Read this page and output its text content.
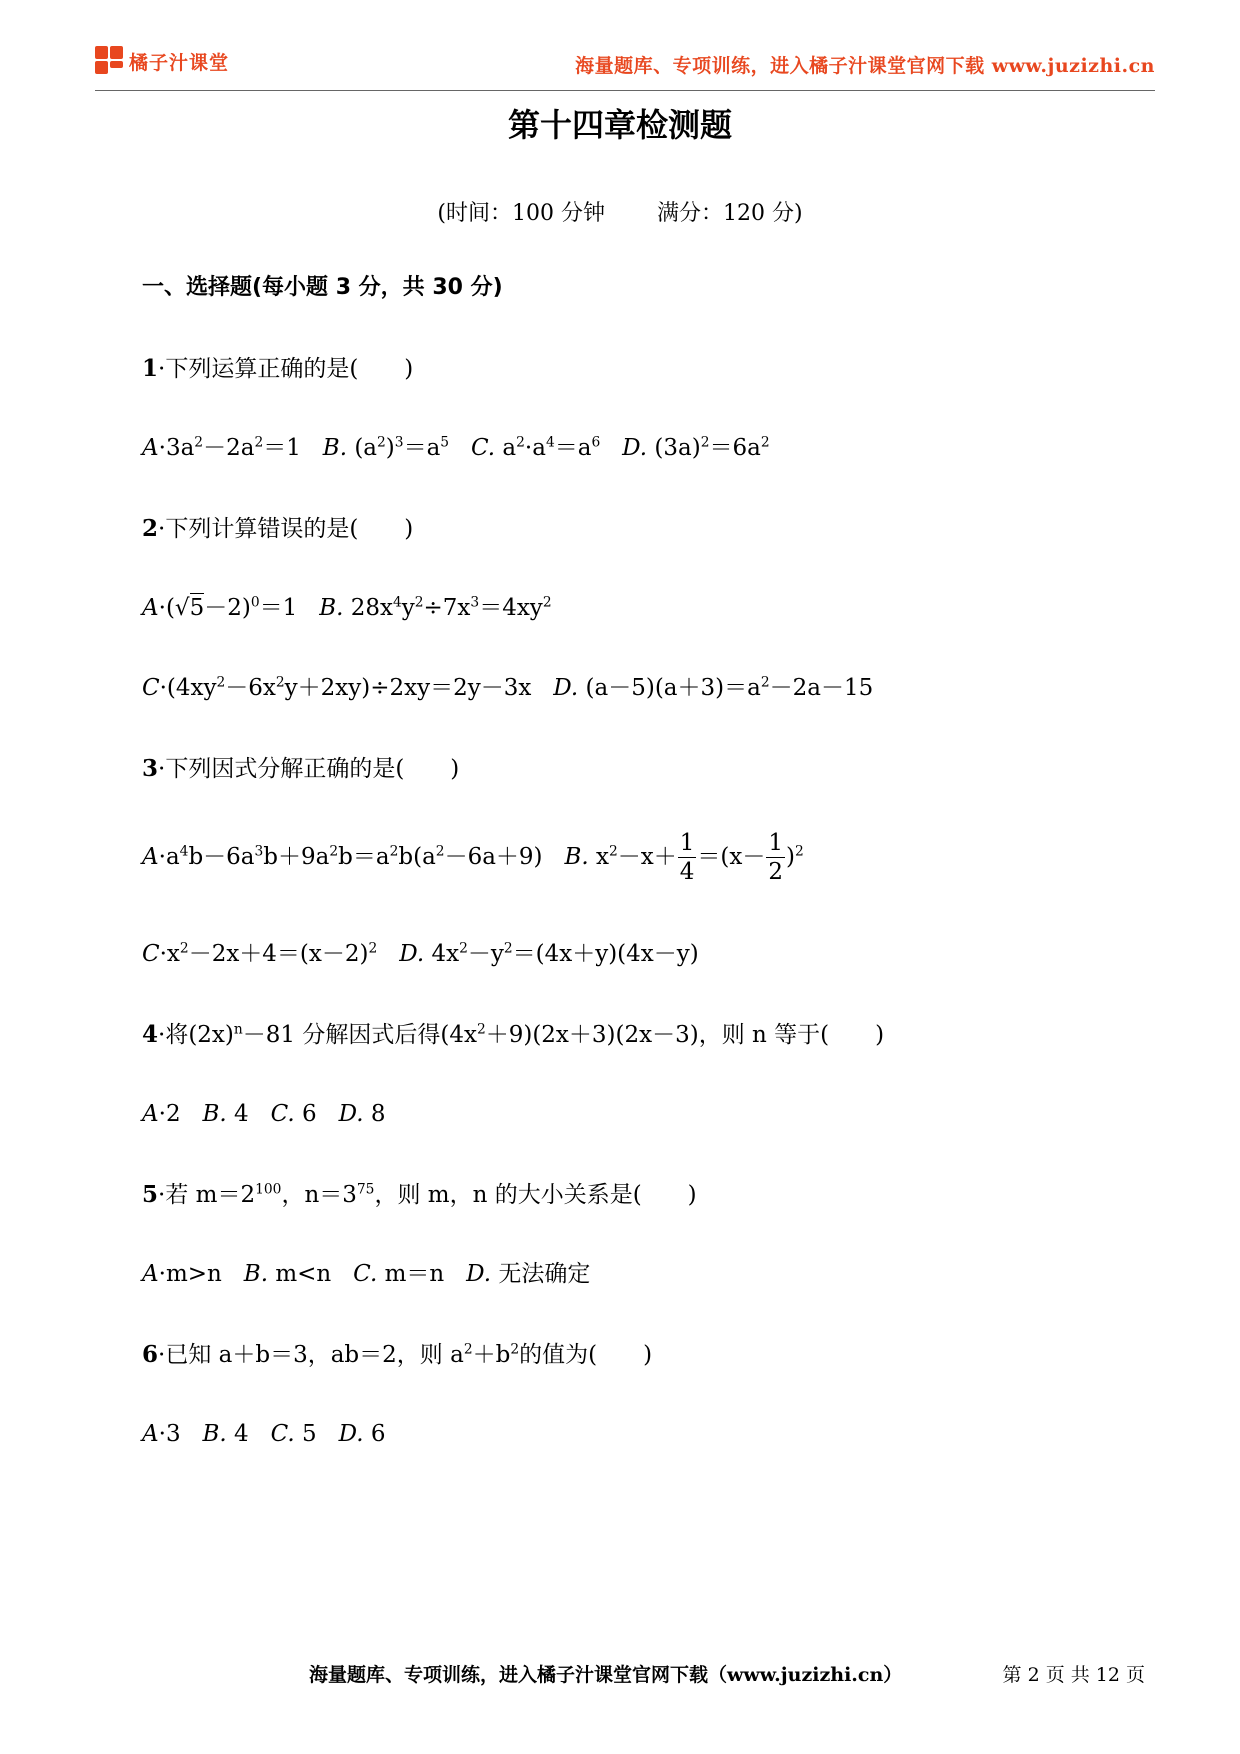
橘子汁课堂	海量题库、专项训练，进入橘子汁课堂官网下载 www.juzizhi.cn
第十四章检测题
(时间：100 分钟 满分：120 分)
一、选择题(每小题 3 分，共 30 分)
1·下列运算正确的是(　　)
$A\cdot 3a^2-2a^2=1$ B. $(a^2)^3=a^5$ C. $a^2\cdot a^4=a^6$ D. $(3a)^2=6a^2$
2·下列计算错误的是(　　)
$A\cdot(√5-2)^0=1$ B. $28x^4y^2\div 7x^3=4xy^2$
$C\cdot(4xy^2-6x^2y+2xy)\div 2xy=2y-3x$ D. $(a-5)(a+3)=a^2-2a-15$
3·下列因式分解正确的是(　　)
$A\cdot a^4b-6a^3b+9a^2b=a^2b(a^2-6a+9)$ B. $x^2-x+ \frac{1}{4} =(x- \frac{1}{2} )^2$
$C\cdot x^2-2x+4=(x-2)^2$ D. $4x^2-y^2=(4x+y)(4x-y)$
4·将$(2x)^n-81$ 分解因式后得$(4x^2+9)(2x+3)(2x-3)$，则 n 等于(　　)
A·2 B. 4 C. 6 D. 8
5·若 $m=2^{100}$，$n=3^{75}$，则 m，n 的大小关系是(　　)
A·m>n B. m<n C. m＝n D. 无法确定
6·已知 a＋b＝3，ab＝2，则 $a^2+b^2$的值为(　　)
A·3 B. 4 C. 5 D. 6
海量题库、专项训练，进入橘子汁课堂官网下载（www.juzizhi.cn）	第 2 页 共 12 页
